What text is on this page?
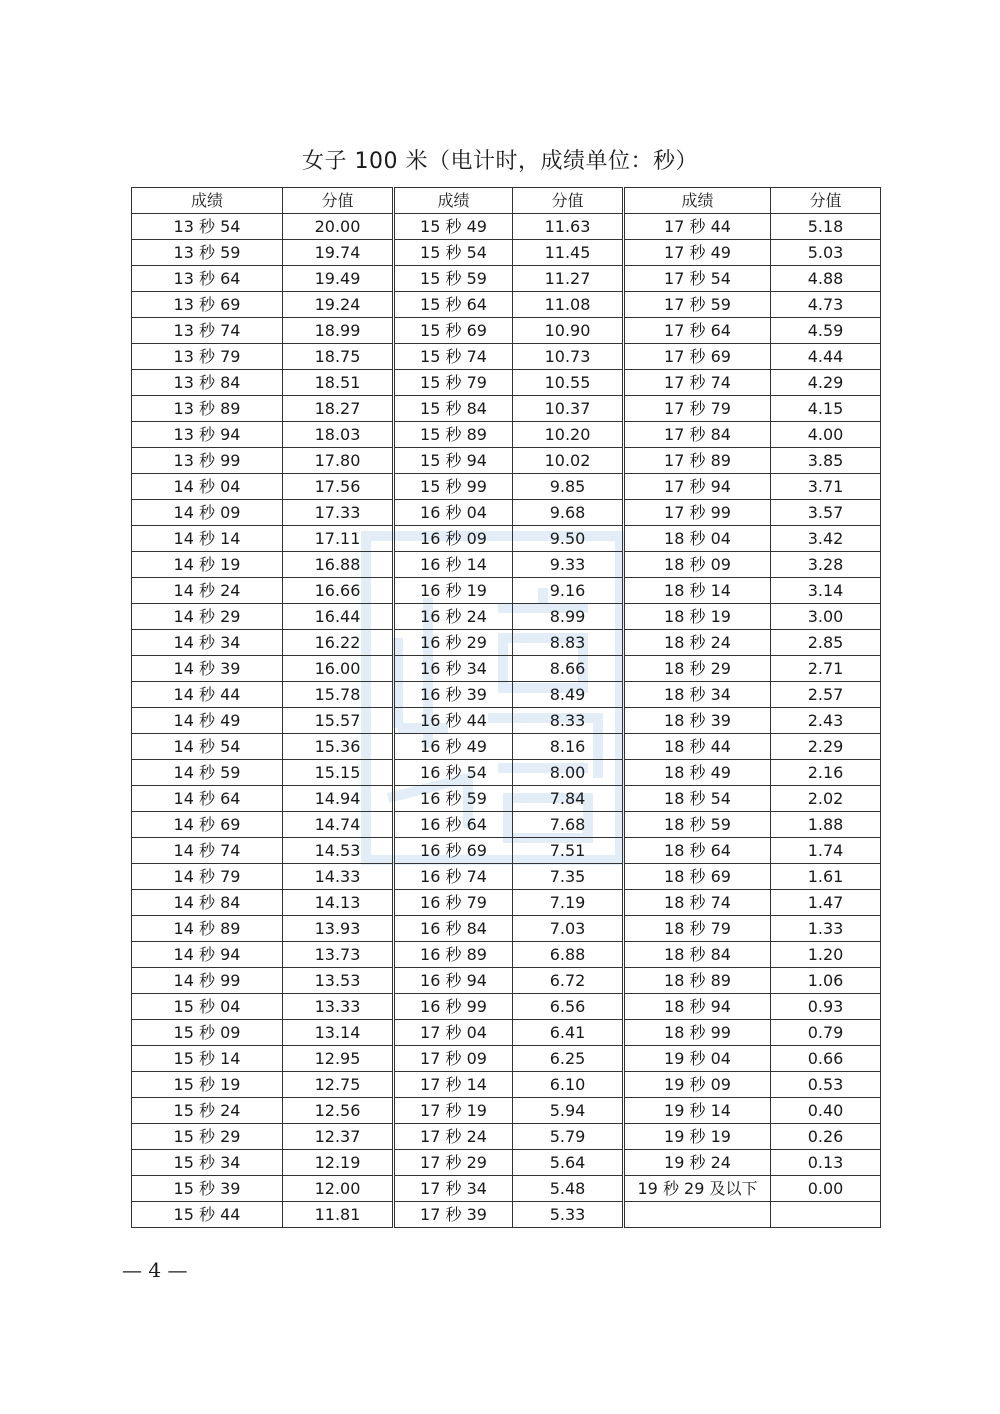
女子 100 米（电计时，成绩单位：秒）
成绩	分值	成绩	分值	成绩	分值
13 秒 54	20.00	15 秒 49	11.63	17 秒 44	5.18
13 秒 59	19.74	15 秒 54	11.45	17 秒 49	5.03
13 秒 64	19.49	15 秒 59	11.27	17 秒 54	4.88
13 秒 69	19.24	15 秒 64	11.08	17 秒 59	4.73
13 秒 74	18.99	15 秒 69	10.90	17 秒 64	4.59
13 秒 79	18.75	15 秒 74	10.73	17 秒 69	4.44
13 秒 84	18.51	15 秒 79	10.55	17 秒 74	4.29
13 秒 89	18.27	15 秒 84	10.37	17 秒 79	4.15
13 秒 94	18.03	15 秒 89	10.20	17 秒 84	4.00
13 秒 99	17.80	15 秒 94	10.02	17 秒 89	3.85
14 秒 04	17.56	15 秒 99	9.85	17 秒 94	3.71
14 秒 09	17.33	16 秒 04	9.68	17 秒 99	3.57
14 秒 14	17.11	16 秒 09	9.50	18 秒 04	3.42
14 秒 19	16.88	16 秒 14	9.33	18 秒 09	3.28
14 秒 24	16.66	16 秒 19	9.16	18 秒 14	3.14
14 秒 29	16.44	16 秒 24	8.99	18 秒 19	3.00
14 秒 34	16.22	16 秒 29	8.83	18 秒 24	2.85
14 秒 39	16.00	16 秒 34	8.66	18 秒 29	2.71
14 秒 44	15.78	16 秒 39	8.49	18 秒 34	2.57
14 秒 49	15.57	16 秒 44	8.33	18 秒 39	2.43
14 秒 54	15.36	16 秒 49	8.16	18 秒 44	2.29
14 秒 59	15.15	16 秒 54	8.00	18 秒 49	2.16
14 秒 64	14.94	16 秒 59	7.84	18 秒 54	2.02
14 秒 69	14.74	16 秒 64	7.68	18 秒 59	1.88
14 秒 74	14.53	16 秒 69	7.51	18 秒 64	1.74
14 秒 79	14.33	16 秒 74	7.35	18 秒 69	1.61
14 秒 84	14.13	16 秒 79	7.19	18 秒 74	1.47
14 秒 89	13.93	16 秒 84	7.03	18 秒 79	1.33
14 秒 94	13.73	16 秒 89	6.88	18 秒 84	1.20
14 秒 99	13.53	16 秒 94	6.72	18 秒 89	1.06
15 秒 04	13.33	16 秒 99	6.56	18 秒 94	0.93
15 秒 09	13.14	17 秒 04	6.41	18 秒 99	0.79
15 秒 14	12.95	17 秒 09	6.25	19 秒 04	0.66
15 秒 19	12.75	17 秒 14	6.10	19 秒 09	0.53
15 秒 24	12.56	17 秒 19	5.94	19 秒 14	0.40
15 秒 29	12.37	17 秒 24	5.79	19 秒 19	0.26
15 秒 34	12.19	17 秒 29	5.64	19 秒 24	0.13
15 秒 39	12.00	17 秒 34	5.48	19 秒 29 及以下	0.00
15 秒 44	11.81	17 秒 39	5.33		
— 4 —
